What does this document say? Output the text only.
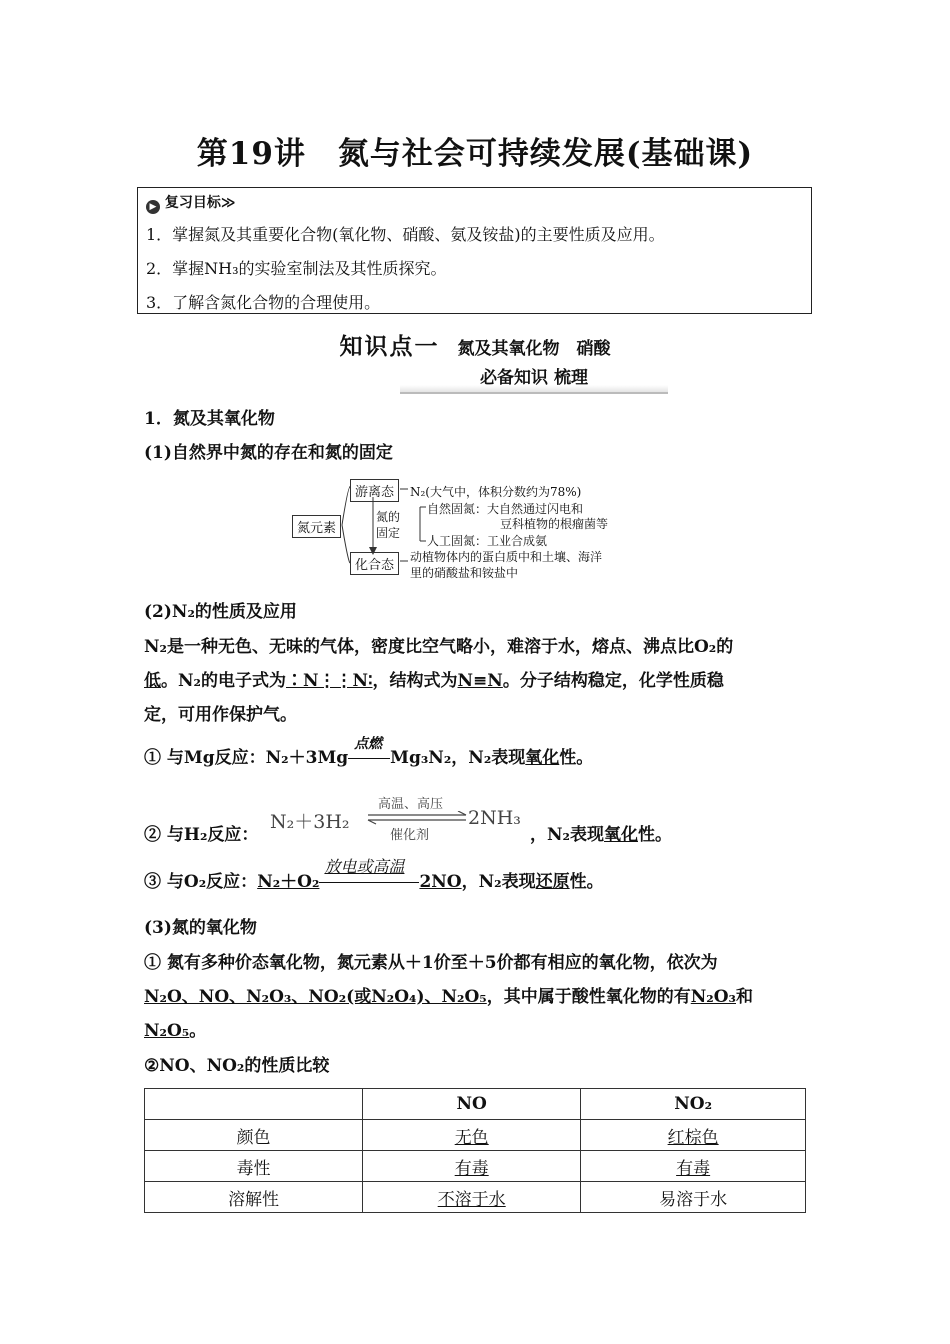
第19讲　氮与社会可持续发展(基础课)
▶ 复习目标≫
1．掌握氮及其重要化合物(氧化物、硝酸、氨及铵盐)的主要性质及应用。
2．掌握NH₃的实验室制法及其性质探究。
3．了解含氮化合物的合理使用。
知识点一 氮及其氧化物　硝酸
必备知识 梳理
1．氮及其氧化物
(1)自然界中氮的存在和氮的固定
氮元素
游离态
化合态
氮的
固定
N₂(大气中，体积分数约为78%)
自然固氮：大自然通过闪电和
豆科植物的根瘤菌等
人工固氮：工业合成氨
动植物体内的蛋白质中和土壤、海洋
里的硝酸盐和铵盐中
(2)N₂的性质及应用
N₂是一种无色、无味的气体，密度比空气略小，难溶于水，熔点、沸点比O₂的
低。N₂的电子式为∶N⋮⋮N∶，结构式为N≡N。分子结构稳定，化学性质稳
定，可用作保护气。
① 与Mg反应：N₂＋3Mg
点燃
Mg₃N₂，N₂表现氧化性。
② 与H₂反应：
N₂＋3H₂
高温、高压
催化剂
2NH₃
，N₂表现氧化性。
③ 与O₂反应：N₂＋O₂
放电或高温
2NO，N₂表现还原性。
(3)氮的氧化物
① 氮有多种价态氧化物，氮元素从＋1价至＋5价都有相应的氧化物，依次为
N₂O、NO、N₂O₃、NO₂(或N₂O₄)、N₂O₅，其中属于酸性氧化物的有N₂O₃和
N₂O₅。
②NO、NO₂的性质比较
	NO	NO₂
颜色	无色	红棕色
毒性	有毒	有毒
溶解性	不溶于水	易溶于水
